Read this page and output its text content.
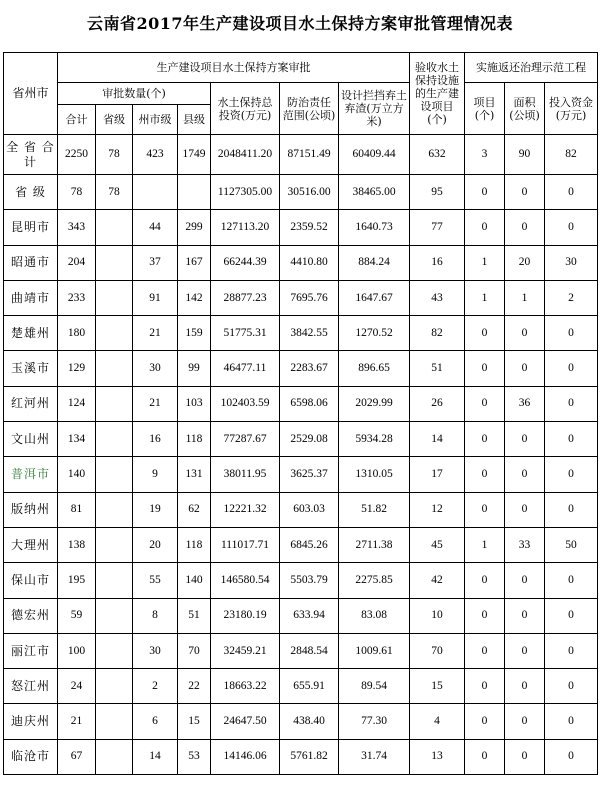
云南省2017年生产建设项目水土保持方案审批管理情况表
省州市	生产建设项目水土保持方案审批							验收水土保持设施的生产建设项目(个)	实施返还治理示范工程		
	审批数量(个)				水土保持总投资(万元)	防治责任范围(公顷)	设计拦挡弃土弃渣(万立方米)		项目(个)	面积(公顷)	投入资金(万元)
	合计	省级	州市级	县级							
全 省 合 计	2250	78	423	1749	2048411.20	87151.49	60409.44	632	3	90	82
省 级	78	78			1127305.00	30516.00	38465.00	95	0	0	0
昆明市	343		44	299	127113.20	2359.52	1640.73	77	0	0	0
昭通市	204		37	167	66244.39	4410.80	884.24	16	1	20	30
曲靖市	233		91	142	28877.23	7695.76	1647.67	43	1	1	2
楚雄州	180		21	159	51775.31	3842.55	1270.52	82	0	0	0
玉溪市	129		30	99	46477.11	2283.67	896.65	51	0	0	0
红河州	124		21	103	102403.59	6598.06	2029.99	26	0	36	0
文山州	134		16	118	77287.67	2529.08	5934.28	14	0	0	0
普洱市	140		9	131	38011.95	3625.37	1310.05	17	0	0	0
版纳州	81		19	62	12221.32	603.03	51.82	12	0	0	0
大理州	138		20	118	111017.71	6845.26	2711.38	45	1	33	50
保山市	195		55	140	146580.54	5503.79	2275.85	42	0	0	0
德宏州	59		8	51	23180.19	633.94	83.08	10	0	0	0
丽江市	100		30	70	32459.21	2848.54	1009.61	70	0	0	0
怒江州	24		2	22	18663.22	655.91	89.54	15	0	0	0
迪庆州	21		6	15	24647.50	438.40	77.30	4	0	0	0
临沧市	67		14	53	14146.06	5761.82	31.74	13	0	0	0
